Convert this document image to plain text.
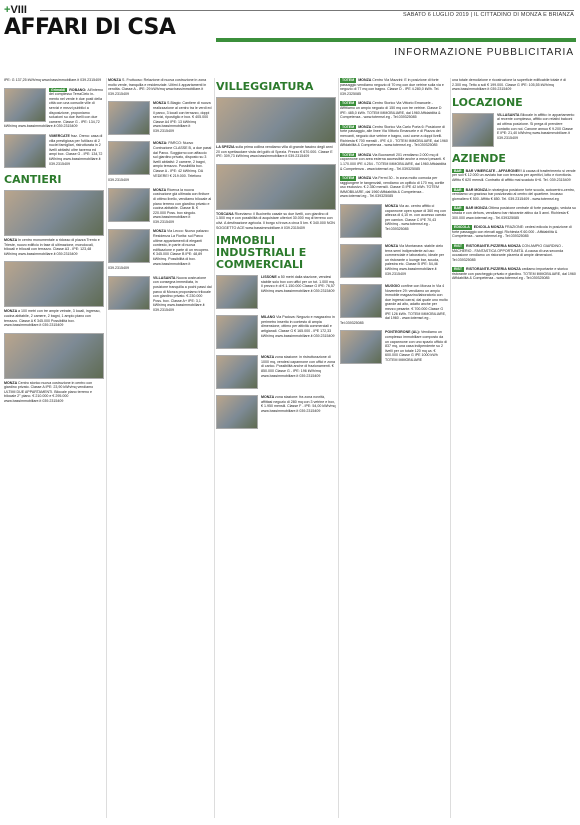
+VIII	SABATO 6 LUGLIO 2019 | IL CITTADINO DI MONZA E BRIANZA
AFFARI DI CSA
INFORMAZIONE PUBBLICITARIA
IPE: G 137,25 kWh/mq www.bassimmobiliare.it 039.2315409
Grimaldi ROBANO: All'interno del complesso TerraCielo in-mento nel verde è due posti della città con una consolle ville di servizi e mezzi pubblici a disposizione, proponiamo soluzioni su due livelli con due camere. Classe G - IPE: 134,72 kWh/mq www.bassimmobiliare.it 039.2315409
VIMERCATE fraz. Oreno: casa di villa prestigiosa per l'utilizzo di 2 nuclei famigliari, ristrutturata in 2 livelli abitativi oltre taverna ed ampi box. Classe G - IPE: 134,72 kWh/mq www.bassimmobiliare.it 039.2315409
CANTIERI
MONZA In centro monumentale a ridosso di piazza Trento e Trieste, nuovo edificio in fase di ultimazione, monolocali, bilocali e trilocali con terrazzo. Classe A3 - IPE: 123,48 kWh/mq www.bassimmobiliare.it 039.2315409
MONZA a 100 metri con tre ampie vetrate, 3 locali, ingresso, cucina abitabile, 2 camere, 2 bagni, 1 ampio piano con terrazzo. Classe A € 345.000 Possibilità box. www.bassimmobiliare.it 039.2315409
MONZA Centro storico nuova costruzione in centro con giardino privato. Classe A IPE: 23,90 kWh/mq vendiamo ULTIMI DUE APPARTAMENTI. Bilocale piano terreno e bilocale 2° piano. € 210.000 e € 295.000 www.bassimmobiliare.it 039.2315409
MONZA S. Fruttuoso: Relazione di nuova costruzione in zona molto verde, tranquilla e residenziale. Ultimi 4 appartamenti in vendita. Classe A - IPE: 29 kWh/mq www.bassimmobiliare.it 039.2315409
MONZA S.Biagio: Cantiere di nuova realizzazione al centro tra le verdi ed il parco, 3 locali con terrazzo, doppi servizi, ripostiglio e box. € 405.000 Classe A4 IPE: 13 kWh/mq www.bassimmobiliare.it 039.2315409
MONZA: PARCO: Nuovo Contruzione CLASSE B, a due passi dal Parco. Soggiorno con affaccio sul giardino privato, disposto su 3 livelli abitativi: 2 camere, 2 bagni, ampio terrazzo. Possibilità box. Classe A - IPE: 42 kWh/mq. DA VEDERE! € 219.000. Telefono 039.2315409
MONZA Ricerca la nuova costruzione già ultimata con finiture di ottimo livello, vendiamo bilocale al piano terreno con giardino privato e cucina abitabile. Classe B. € 220.000 Poss. box singolo. www.bassimmobiliare.it 039.2315409
MONZA Via Lecco: Nuovo palazzo Residenza La Fiorita: sul Parco ultime appartamenti di eleganti contesto, in parte di nuova edificazione e parte di un recupero. € 345.000 Classe B IPE: 48,89 kWh/mq. Possibilità di box. www.bassimmobiliare.it 039.2315409
VILLASANTA Nuova costruzione con consegna immediata, in posizione tranquilla a pochi passi dal parco di Monza proponiamo trilocale con giardino privato. € 230.000 Poss. box. Classe A+ IPE: 3,1 kWh/mq www.bassimmobiliare.it 039.2315409
VILLEGGIATURA
LA SPEZIA sulla prima collina vendiamo villa di grande fascino degli anni 20 con spettacolare vista del golfo di Spezia. Prezzo € 670.000. Classe E IPE: 309,73 kWh/mq www.bassimmobiliare.it 039.2315409
TOSCANA Riceviamo: il Bucinetto casale su due livelli, con giardino di 1.500 mq e con possibilità di acquistare ulteriori 30.000 mq di terreno con ulivi. A destinazione agricola. Il borgo si trova a circa 5 km. € 340.000 NON SOGGETTO ACE www.bassimmobiliare.it 039.2315409
IMMOBILI INDUSTRIALI E COMMERCIALI
LISSONE a 50 metri dalla stazione, vendesi stabile solo box con uffici per un tot. 1.000 mq. Il prezzo è di € 1.150.000 Classe G IPE: 76,57 kWh/mq www.bassimmobiliare.it 039.2315409
MILANO Via Padova: Negozio e magazzino in perimetro inserito in contesto di ampia dimensione, ottimo per attività commerciali e artigianali. Classe G € 165.000 - IPE 172,33 kWh/mq www.bassimmobiliare.it 039.2315409
MONZA zona stazione: in ristrutturazione di 1000 mq, vendesi capannone con uffici e zona di carico. Possibilità anche di frazionamenti. € 850.000 Classe G - IPE: 196 kWh/mq www.bassimmobiliare.it 039.2315409
MONZA zona stazione: fra zona novrità, affittasi negozio di 280 mq con 3 vetrine e box, € 1.950 mensili. Classe F - IPE: 54,00 kWh/mq www.bassimmobiliare.it 039.2315409
TOTEM MONZA Centro Via Mazzini: E in posizione di forte passaggio vendiamo negozio di 70 mq con due vetrine sulla via e negozio di 77 mq con bagno. Classe D - IPE 4.280,0 kWh. Tel. 039.2325085
TOTEM MONZA Centro Storico Via Vittorio Emanuele - Affittiamo un ampio negozio di 150 mq con tre vetrine. Classe D IPE: 485,0 kWh. TOTEM IMMOBILIARE, dal 1960 Affidabilità & Competenza - www.totemsrl.eg - Tel.039325085
TOTEM MONZA Centro Storico Via Carlo Porta 6: Posizione di forte passaggio, alle linee Via Vittorio Emanuele e di Piazza dei mercanti, negozio due vetrine e bagno, così come a doppi livelli. Richiesta € 700 mensili - IPE 4,0 - TOTEM IMMOBILIARE, dal 1960 Affidabilità & Competenza - www.totemsrl.eg - Tel.039325085
TOTEM MONZA Via Buonarroti 201 vendiamo 2.000 mq di capannone con area esterna accessibile anche a mezzi pesanti. € 1.170.000 IPE 4.254 - TOTEM IMMOBILIARE, dal 1960 Affidabilità & Competenza - www.totemsrl.eg - Tel.039325085
TOTEM MONZA Via Fermi 30 - In zona molto comoda per raggiungere le tangenziali, vendiamo un opificio di 170 mq, cortile uso esclusivo. € 2.350 mensili. Classe G IPE 42 kWh. TOTEM IMMOBILIARE, dal 1960 Affidabilità & Competenza - www.totemsrl.eg - Tel.039325085
MONZA Via ac. centro affitto ci capannone open space di 360 mq con altezza di 4,10 m. con accesso carraio per camion. Classe C IPE 70,43 kWh/mq - www.totemsrl.eg - Tel.039325085
MONZA Via Montanara: stabile cielo terra semi indipendente ad uso commerciale e laboratorio, ideale per un ristorante o lounge bar, scuola, palestra etc. Classe B IPE: 54,46 kWh/mq www.bassimmobiliare.it 039.2315409
MUGGIO confine con Monza in Via 4 Novembre 29: vendiamo un ampio immobile magazzino/laboratorio con due ingressi carrai, dal quale uno molto grande ad alto, adatto anche per mezzo pesante. € 700.000 Classe G IPE 126 kWh. TOTEM IMMOBILIARE, dal 1960 - www.totemsrl.eg - Tel.039325085
PONTEGRONE (AL): Vendiamo un complesso immobiliare composto da un capannone con uno spazio ufficio di 837 mq, una casa indipendente su 2 livelli per un totale 120 mq ca. € 600.000 Classe G IPE 1000 kWh TOTEM IMMOBILIARE
una totale demolizione e ricostruzione la superficie edificabile totale è di 2.300 mq. Tetto a soli € 199.000. Classe G IPE: 105,55 kWh/mq www.bassimmobiliare.it 039.2315409
LOCAZIONE
VILLASANTA Bilocale in affitto: in appartamento al recente complesso, affitto con relativi balconi ad ottima posizione. Si prega di prendere contatto con noi. Canone annuo € 9.200 Classe E IPE: 21,40 kWh/mq www.bassimmobiliare.it 039.2315409
AZIENDE
BAR BAR VIMERCATE - AFFARONE!!! A causa di trasferimento si vende per soli € 12.000 un avviato bar con terrazza per aperitivi, lotto e ricevitoria. Affitto € 620 mensili. Contratto di affitto mai scaduto 6+6. Tel. 039.2315409
BAR BAR MONZA In strategica posizione forte scuola, autocentro-centro, vendiamo un grazioso bar posizionato al centro del quartiere. Incasso giornaliero € 500. Affitto € 850. Tel. 039.2315409 - www.totemsrl.eg
BAR BAR MONZA Ottima posizione centrale di forte passaggio, veduta su strada e con dehors, vendiamo bar ristorante attivo da 5 anni. Richiesta € 300.000 www.totemsrl.eg - Tel.039325085
EDICOLA EDICOLA MONZA FRAZIONE: cedesi edicola in posizione di forte passaggio con elevati aggi. Richiesta € 60.000 - Affidabilità & Competenza - www.totemsrl.eg - Tel.039325085
RIST RISTORANTE-PIZZERIA MONZA CON AMPIO GIARDINO - MACHERIO - FANTASTICA OPPORTUNITÀ. A causa di una seconda occasione vendiamo un ristorante pizzeria di ampie dimensioni. Tel.039325085
RIST RISTORANTE-PIZZERIA MONZA cediamo importante e storico ristorante con parcheggio privato e giardino. TOTEM IMMOBILIARE, dal 1960 Affidabilità & Competenza - www.totemsrl.eg - Tel.039325085
